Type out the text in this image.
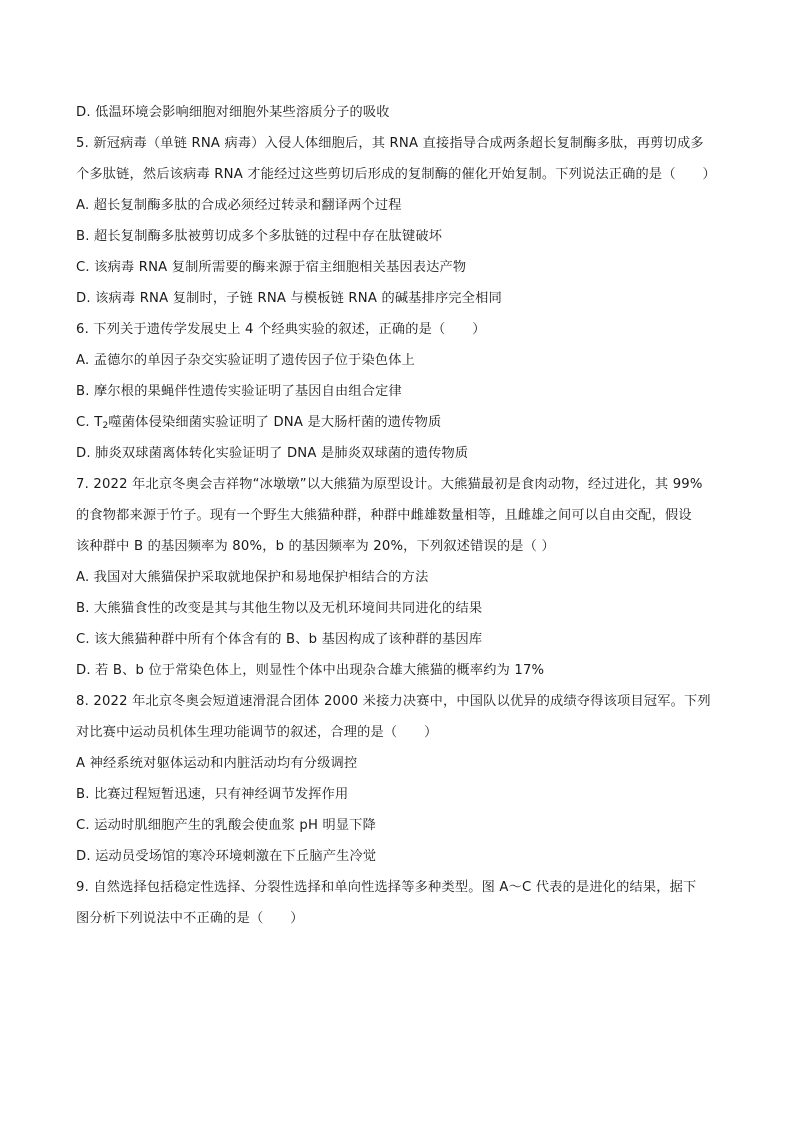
D. 低温环境会影响细胞对细胞外某些溶质分子的吸收
5. 新冠病毒（单链 RNA 病毒）入侵人体细胞后，其 RNA 直接指导合成两条超长复制酶多肽，再剪切成多
个多肽链，然后该病毒 RNA 才能经过这些剪切后形成的复制酶的催化开始复制。下列说法正确的是（　　）
A. 超长复制酶多肽的合成必须经过转录和翻译两个过程
B. 超长复制酶多肽被剪切成多个多肽链的过程中存在肽键破坏
C. 该病毒 RNA 复制所需要的酶来源于宿主细胞相关基因表达产物
D. 该病毒 RNA 复制时，子链 RNA 与模板链 RNA 的碱基排序完全相同
6. 下列关于遗传学发展史上 4 个经典实验的叙述，正确的是（　　）
A. 孟德尔的单因子杂交实验证明了遗传因子位于染色体上
B. 摩尔根的果蝇伴性遗传实验证明了基因自由组合定律
C. $T_2$噬菌体侵染细菌实验证明了 DNA 是大肠杆菌的遗传物质
D. 肺炎双球菌离体转化实验证明了 DNA 是肺炎双球菌的遗传物质
7. 2022 年北京冬奥会吉祥物“冰墩墩”以大熊猫为原型设计。大熊猫最初是食肉动物，经过进化，其 99%
的食物都来源于竹子。现有一个野生大熊猫种群，种群中雌雄数量相等，且雌雄之间可以自由交配，假设
该种群中 B 的基因频率为 80%，b 的基因频率为 20%，下列叙述错误的是（ ）
A. 我国对大熊猫保护采取就地保护和易地保护相结合的方法
B. 大熊猫食性的改变是其与其他生物以及无机环境间共同进化的结果
C. 该大熊猫种群中所有个体含有的 B、b 基因构成了该种群的基因库
D. 若 B、b 位于常染色体上，则显性个体中出现杂合雄大熊猫的概率约为 17%
8. 2022 年北京冬奥会短道速滑混合团体 2000 米接力决赛中，中国队以优异的成绩夺得该项目冠军。下列
对比赛中运动员机体生理功能调节的叙述，合理的是（　　）
A 神经系统对躯体运动和内脏活动均有分级调控
B. 比赛过程短暂迅速，只有神经调节发挥作用
C. 运动时肌细胞产生的乳酸会使血浆 pH 明显下降
D. 运动员受场馆的寒冷环境刺激在下丘脑产生冷觉
9. 自然选择包括稳定性选择、分裂性选择和单向性选择等多种类型。图 A～C 代表的是进化的结果，据下
图分析下列说法中不正确的是（　　）
